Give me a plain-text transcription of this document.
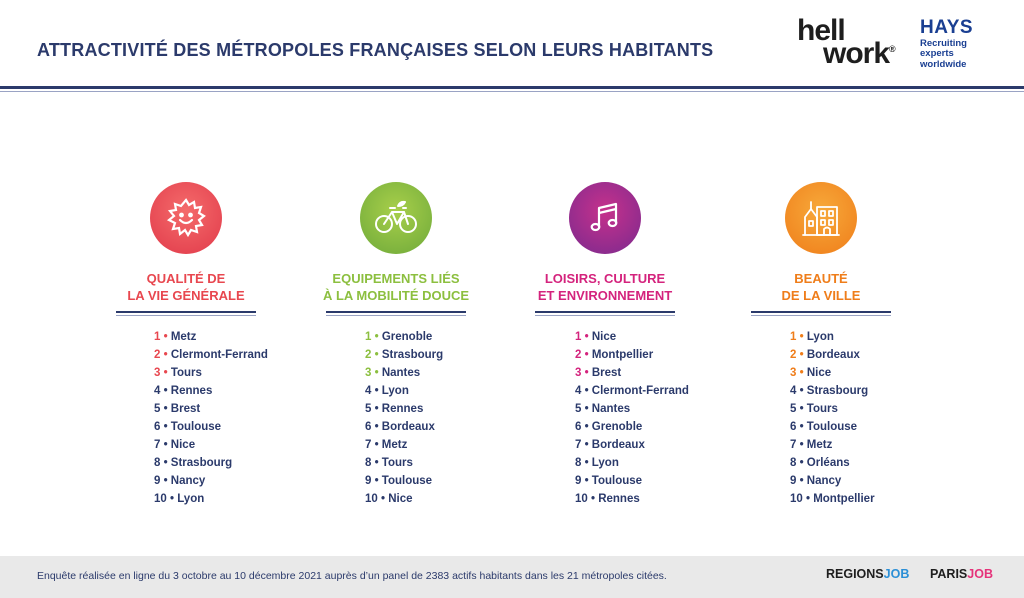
ATTRACTIVITÉ DES MÉTROPOLES FRANÇAISES SELON LEURS HABITANTS
hell
work®
HAYS
Recruiting experts
worldwide
QUALITÉ DE
LA VIE GÉNÉRALE
1 • Metz
2 • Clermont-Ferrand
3 • Tours
4 • Rennes
5 • Brest
6 • Toulouse
7 • Nice
8 • Strasbourg
9 • Nancy
10 • Lyon
EQUIPEMENTS LIÉS
À LA MOBILITÉ DOUCE
1 • Grenoble
2 • Strasbourg
3 • Nantes
4 • Lyon
5 • Rennes
6 • Bordeaux
7 • Metz
8 • Tours
9 • Toulouse
10 • Nice
LOISIRS, CULTURE
ET ENVIRONNEMENT
1 • Nice
2 • Montpellier
3 • Brest
4 • Clermont-Ferrand
5 • Nantes
6 • Grenoble
7 • Bordeaux
8 • Lyon
9 • Toulouse
10 • Rennes
BEAUTÉ
DE LA VILLE
1 • Lyon
2 • Bordeaux
3 • Nice
4 • Strasbourg
5 • Tours
6 • Toulouse
7 • Metz
8 • Orléans
9 • Nancy
10 • Montpellier
Enquête réalisée en ligne du 3 octobre au 10 décembre 2021 auprès d’un panel de 2383 actifs habitants dans les 21 métropoles citées.	REGIONSJOB PARISJOB
